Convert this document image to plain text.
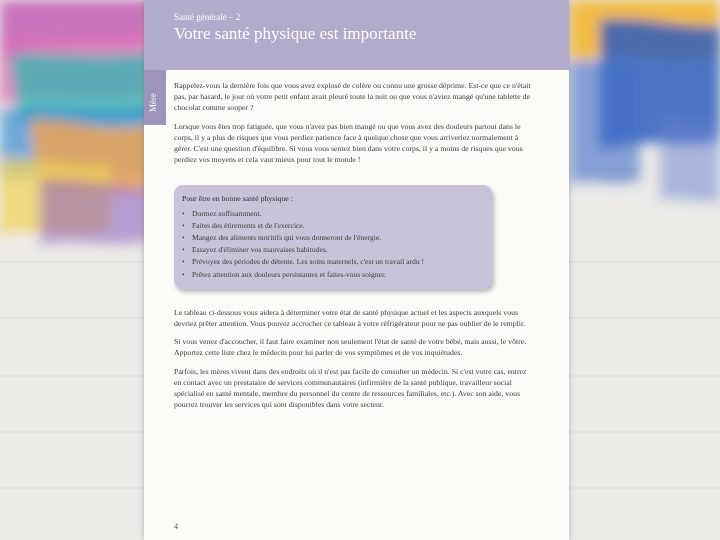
Santé générale – 2
Votre santé physique est importante
Mère

Rappelez-vous la dernière fois que vous avez explosé de colère ou connu une grosse déprime. Est-ce que ce n'était pas, par hasard, le jour où votre petit enfant avait pleuré toute la nuit ou que vous n'aviez mangé qu'une tablette de chocolat comme souper ?

Lorsque vous êtes trop fatiguée, que vous n'avez pas bien mangé ou que vous avez des douleurs partout dans le corps, il y a plus de risques que vous perdiez patience face à quelque chose que vous arriveriez normalement à gérer. C'est une question d'équilibre. Si vous vous sentez bien dans votre corps, il y a moins de risques que vous perdiez vos moyens et cela vaut mieux pour tout le monde !

Pour être en bonne santé physique :
• Dormez suffisamment.
• Faites des étirements et de l'exercice.
• Mangez des aliments nutritifs qui vous donneront de l'énergie.
• Essayez d'éliminer vos mauvaises habitudes.
• Prévoyez des périodes de détente. Les soins maternels, c'est un travail ardu !
• Prêtez attention aux douleurs persistantes et faites-vous soigner.

Le tableau ci-dessous vous aidera à déterminer votre état de santé physique actuel et les aspects auxquels vous devriez prêter attention. Vous pouvez accrocher ce tableau à votre réfrigérateur pour ne pas oublier de le remplir.

Si vous venez d'accoucher, il faut faire examiner non seulement l'état de santé de votre bébé, mais aussi, le vôtre. Apportez cette liste chez le médecin pour lui parler de vos symptômes et de vos inquiétudes.

Parfois, les mères vivent dans des endroits où il n'est pas facile de consulter un médecin. Si c'est votre cas, entrez en contact avec un prestataire de services communautaires (infirmière de la santé publique, travailleur social spécialisé en santé mentale, membre du personnel du centre de ressources familiales, etc.). Avec son aide, vous pourrez trouver les services qui sont disponibles dans votre secteur.

4
